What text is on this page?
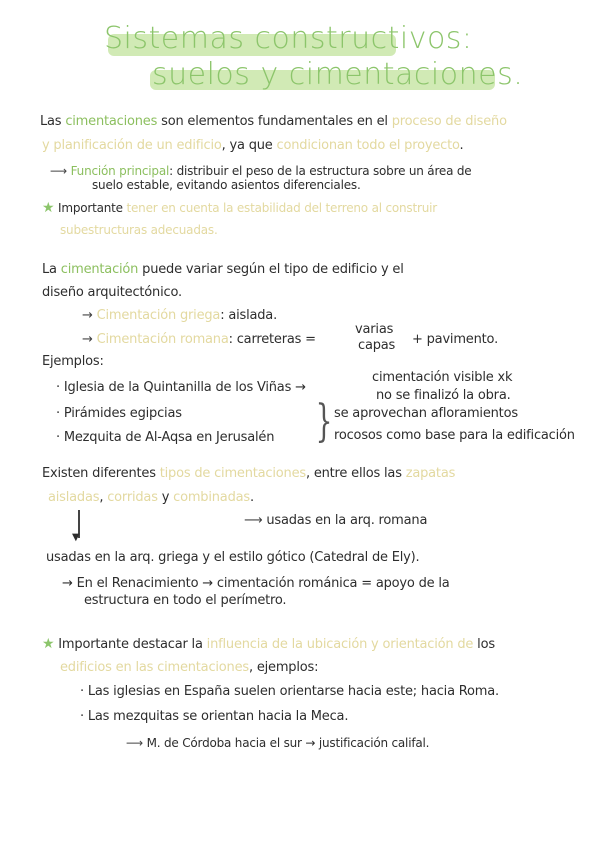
Sistemas constructivos:
suelos y cimentaciones.
Las cimentaciones son elementos fundamentales en el proceso de diseño
y planificación de un edificio, ya que condicionan todo el proyecto.
⟶ Función principal: distribuir el peso de la estructura sobre un área de
suelo estable, evitando asientos diferenciales.
★ Importante tener en cuenta la estabilidad del terreno al construir
subestructuras adecuadas.
La cimentación puede variar según el tipo de edificio y el
diseño arquitectónico.
→ Cimentación griega: aislada.
→ Cimentación romana: carreteras =
varias
capas + pavimento.
Ejemplos:
· Iglesia de la Quintanilla de los Viñas →
cimentación visible xk
no se finalizó la obra.
· Pirámides egipcias
· Mezquita de Al-Aqsa en Jerusalén } se aprovechan afloramientos
rocosos como base para la edificación
Existen diferentes tipos de cimentaciones, entre ellos las zapatas
aisladas, corridas y combinadas.
▼
⟶ usadas en la arq. romana
usadas en la arq. griega y el estilo gótico (Catedral de Ely).
→ En el Renacimiento → cimentación románica = apoyo de la
estructura en todo el perímetro.
★ Importante destacar la influencia de la ubicación y orientación de los
edificios en las cimentaciones, ejemplos:
· Las iglesias en España suelen orientarse hacia este; hacia Roma.
· Las mezquitas se orientan hacia la Meca.
⟶ M. de Córdoba hacia el sur → justificación califal.
